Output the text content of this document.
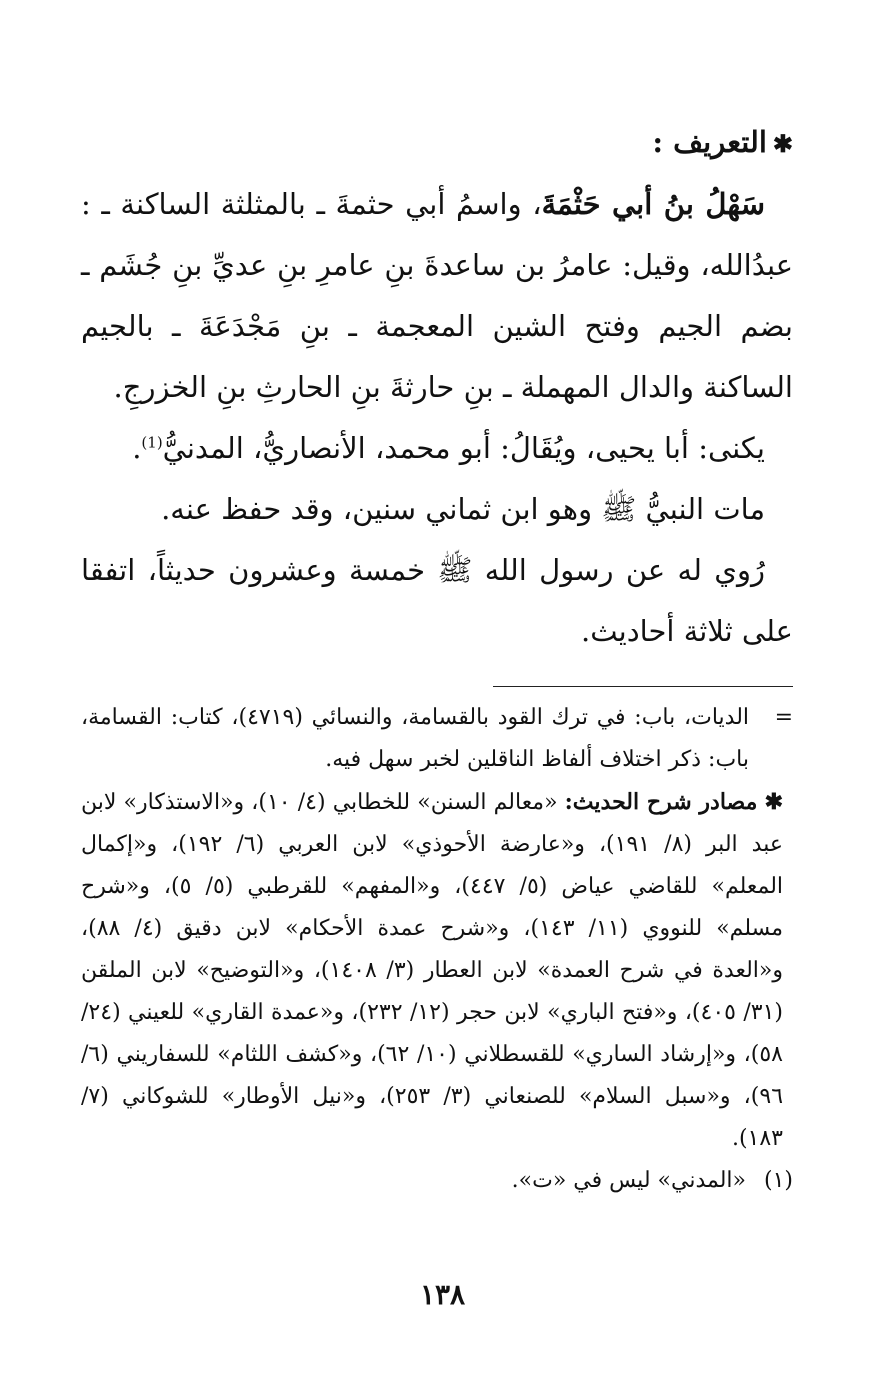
✱التعريف :

سَهْلُ بنُ أبي حَثْمَةَ، واسمُ أبي حثمةَ ـ بالمثلثة الساكنة ـ : عبدُالله، وقيل: عامرُ بن ساعدةَ بنِ عامرِ بنِ عديِّ بنِ جُشَم ـ بضم الجيم وفتح الشين المعجمة ـ بنِ مَجْدَعَةَ ـ بالجيم الساكنة والدال المهملة ـ بنِ حارثةَ بنِ الحارثِ بنِ الخزرجِ.

يكنى: أبا يحيى، ويُقَالُ: أبو محمد، الأنصاريُّ، المدنيُّ$^{(1)}$.

مات النبيُّ ﷺ وهو ابن ثماني سنين، وقد حفظ عنه.

رُوي له عن رسول الله ﷺ خمسة وعشرون حديثاً، اتفقا على ثلاثة أحاديث.

=
الديات، باب: في ترك القود بالقسامة، والنسائي (٤٧١٩)، كتاب: القسامة، باب: ذكر اختلاف ألفاظ الناقلين لخبر سهل فيه.

✱ مصادر شرح الحديث: «معالم السنن» للخطابي (٤/ ١٠)، و«الاستذكار» لابن عبد البر (٨/ ١٩١)، و«عارضة الأحوذي» لابن العربي (٦/ ١٩٢)، و«إكمال المعلم» للقاضي عياض (٥/ ٤٤٧)، و«المفهم» للقرطبي (٥/ ٥)، و«شرح مسلم» للنووي (١١/ ١٤٣)، و«شرح عمدة الأحكام» لابن دقيق (٤/ ٨٨)، و«العدة في شرح العمدة» لابن العطار (٣/ ١٤٠٨)، و«التوضيح» لابن الملقن (٣١/ ٤٠٥)، و«فتح الباري» لابن حجر (١٢/ ٢٣٢)، و«عمدة القاري» للعيني (٢٤/ ٥٨)، و«إرشاد الساري» للقسطلاني (١٠/ ٦٢)، و«كشف اللثام» للسفاريني (٦/ ٩٦)، و«سبل السلام» للصنعاني (٣/ ٢٥٣)، و«نيل الأوطار» للشوكاني (٧/ ١٨٣).

(١)«المدني» ليس في «ت».

١٣٨
